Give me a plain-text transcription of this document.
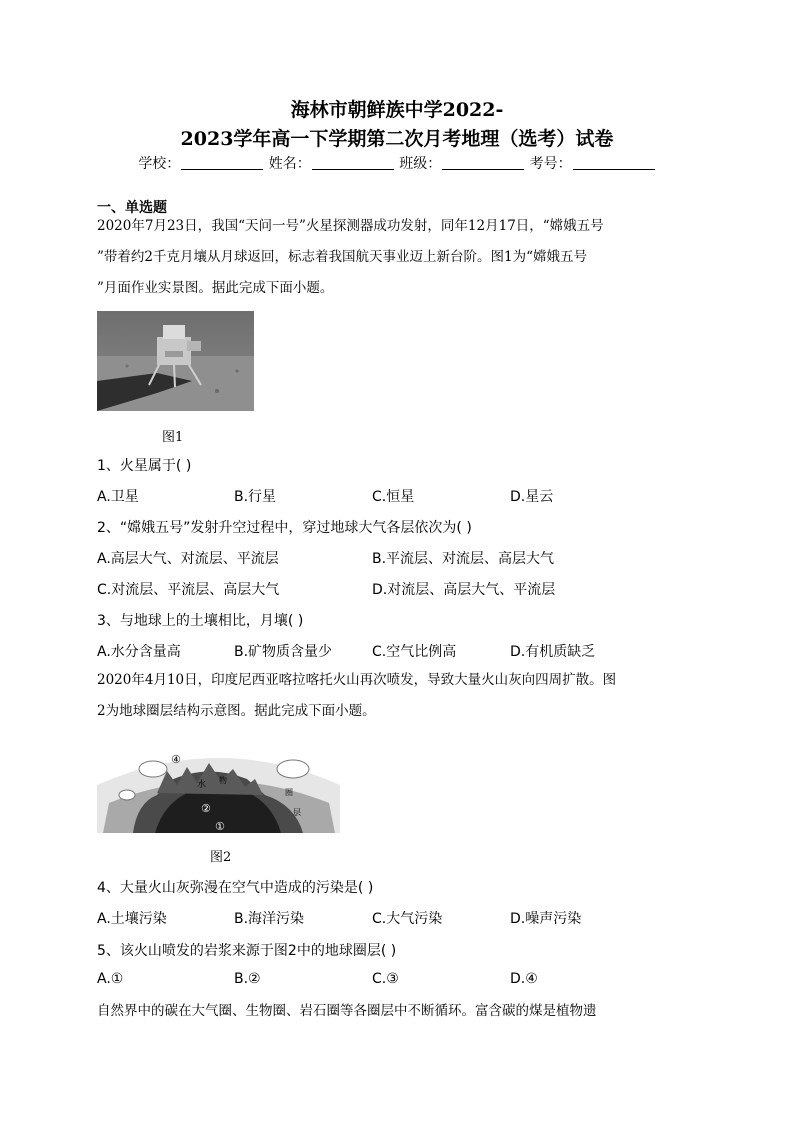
海林市朝鲜族中学2022-
2023学年高一下学期第二次月考地理（选考）试卷
学校：	姓名：	班级：	考号：
一、单选题
2020年7月23日，我国“天问一号”火星探测器成功发射，同年12月17日，“嫦娥五号
”带着约2千克月壤从月球返回，标志着我国航天事业迈上新台阶。图1为“嫦娥五号
”月面作业实景图。据此完成下面小题。
图1
1、火星属于( )
A.卫星	B.行星	C.恒星	D.星云
2、“嫦娥五号”发射升空过程中，穿过地球大气各层依次为( )
A.高层大气、对流层、平流层	B.平流层、对流层、高层大气
C.对流层、平流层、高层大气	D.对流层、高层大气、平流层
3、与地球上的土壤相比，月壤( )
A.水分含量高	B.矿物质含量少	C.空气比例高	D.有机质缺乏
2020年4月10日，印度尼西亚喀拉喀托火山再次喷发，导致大量火山灰向四周扩散。图
2为地球圈层结构示意图。据此完成下面小题。
④
水 物
圈
层
②
①
图2
4、大量火山灰弥漫在空气中造成的污染是( )
A.土壤污染	B.海洋污染	C.大气污染	D.噪声污染
5、该火山喷发的岩浆来源于图2中的地球圈层( )
A.①	B.②	C.③	D.④
自然界中的碳在大气圈、生物圈、岩石圈等各圈层中不断循环。富含碳的煤是植物遗
